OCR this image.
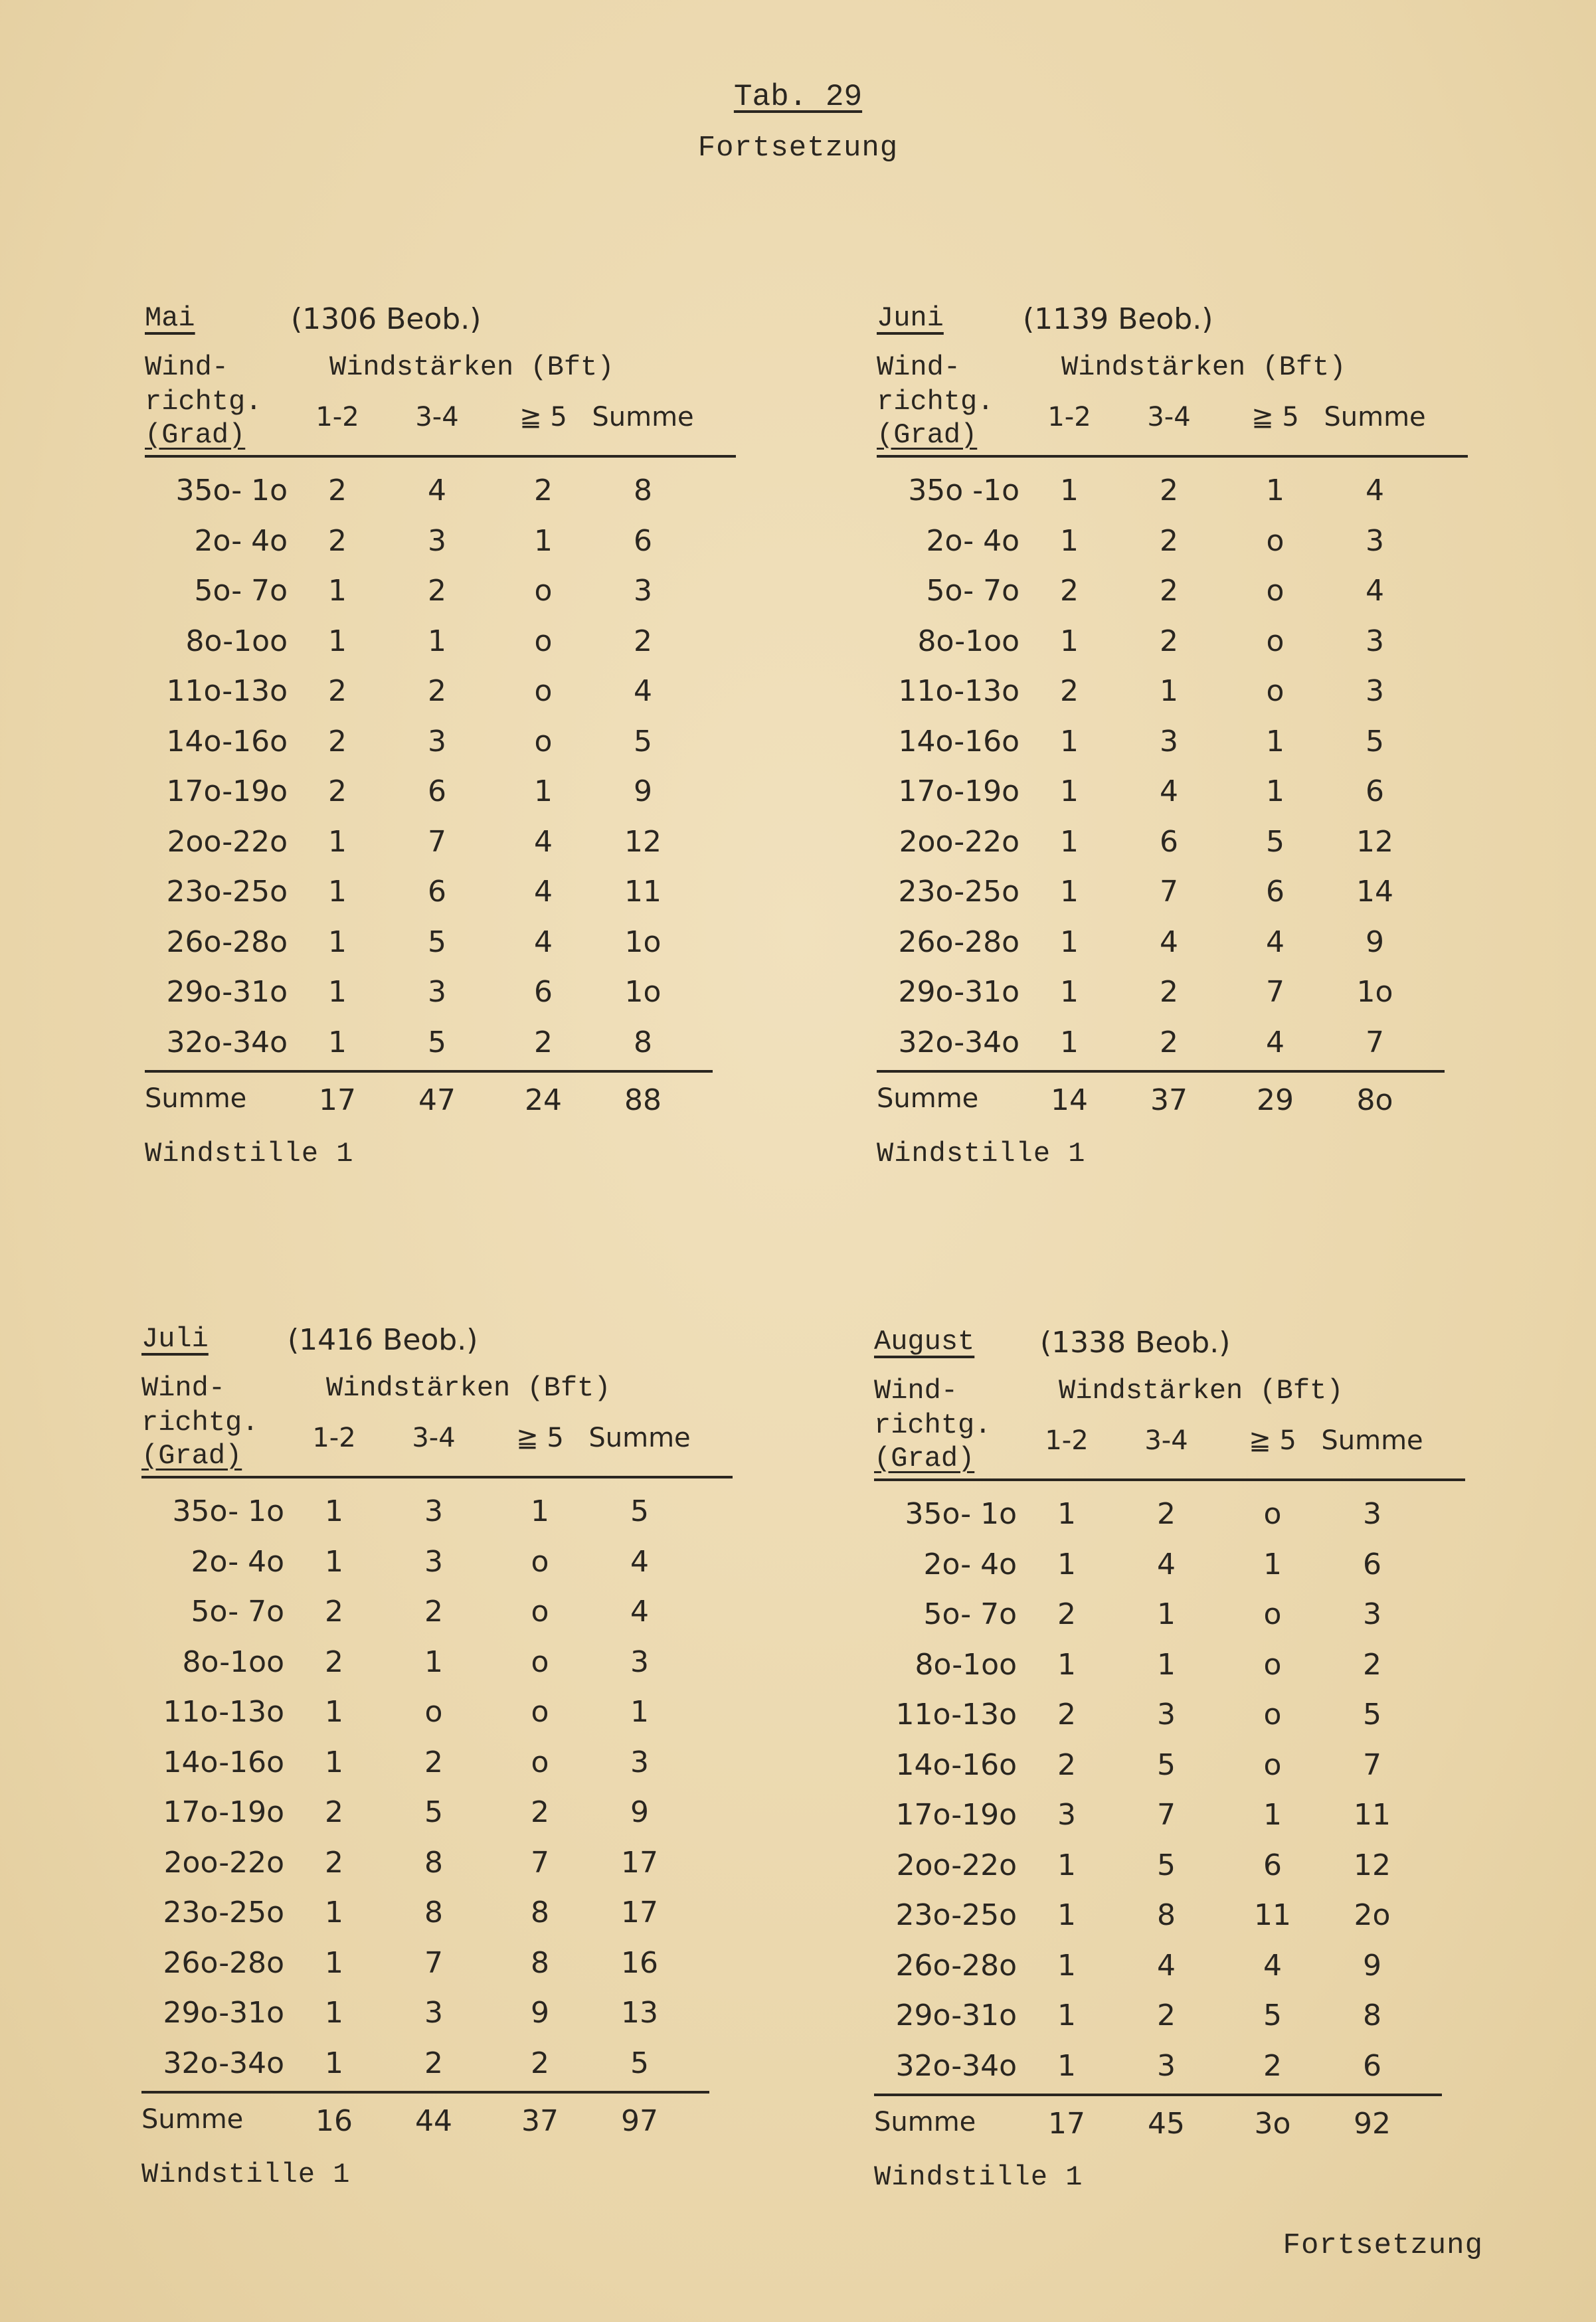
Tab. 29
Fortsetzung
Mai	(1306 Beob.)
Wind-
richtg.
(Grad)
Windstärken (Bft)
1-2	3-4	≧ 5 Summe
35o- 1o	2	4	2	8
2o- 4o	2	3	1	6
5o- 7o	1	2	o	3
8o-1oo	1	1	o	2
11o-13o	2	2	o	4
14o-16o	2	3	o	5
17o-19o	2	6	1	9
2oo-22o	1	7	4	12
23o-25o	1	6	4	11
26o-28o	1	5	4	1o
29o-31o	1	3	6	1o
32o-34o	1	5	2	8
Summe	17	47	24	88
Windstille 1
Juni	(1139 Beob.)
Wind-
richtg.
(Grad)
Windstärken (Bft)
1-2	3-4	≧ 5 Summe
35o -1o	1	2	1	4
2o- 4o	1	2	o	3
5o- 7o	2	2	o	4
8o-1oo	1	2	o	3
11o-13o	2	1	o	3
14o-16o	1	3	1	5
17o-19o	1	4	1	6
2oo-22o	1	6	5	12
23o-25o	1	7	6	14
26o-28o	1	4	4	9
29o-31o	1	2	7	1o
32o-34o	1	2	4	7
Summe	14	37	29	8o
Windstille 1
Juli	(1416 Beob.)
Wind-
richtg.
(Grad)
Windstärken (Bft)
1-2	3-4	≧ 5 Summe
35o- 1o	1	3	1	5
2o- 4o	1	3	o	4
5o- 7o	2	2	o	4
8o-1oo	2	1	o	3
11o-13o	1	o	o	1
14o-16o	1	2	o	3
17o-19o	2	5	2	9
2oo-22o	2	8	7	17
23o-25o	1	8	8	17
26o-28o	1	7	8	16
29o-31o	1	3	9	13
32o-34o	1	2	2	5
Summe	16	44	37	97
Windstille 1
August (1338 Beob.)
Wind-
richtg.
(Grad)
Windstärken (Bft)
1-2	3-4	≧ 5 Summe
35o- 1o	1	2	o	3
2o- 4o	1	4	1	6
5o- 7o	2	1	o	3
8o-1oo	1	1	o	2
11o-13o	2	3	o	5
14o-16o	2	5	o	7
17o-19o	3	7	1	11
2oo-22o	1	5	6	12
23o-25o	1	8	11	2o
26o-28o	1	4	4	9
29o-31o	1	2	5	8
32o-34o	1	3	2	6
Summe	17	45	3o	92
Windstille 1
Fortsetzung
